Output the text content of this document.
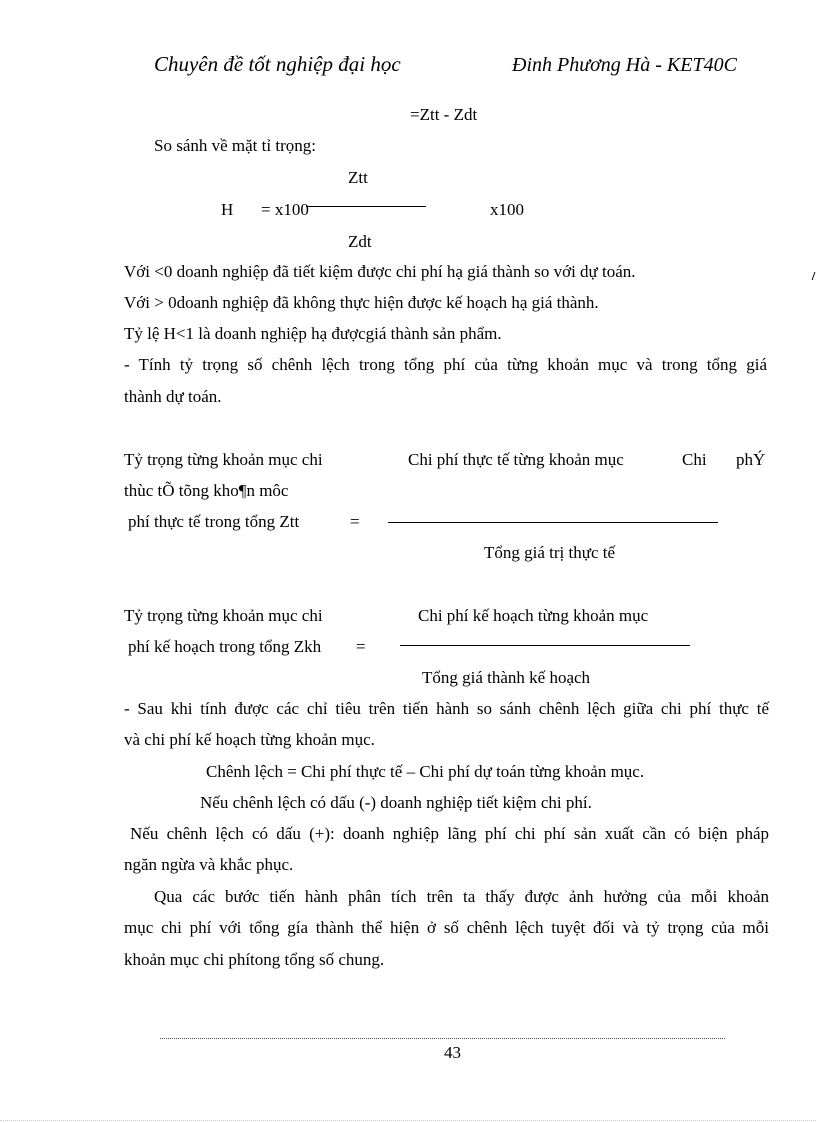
Chuyên đề tốt nghiệp đại học	Đinh Phương Hà - KET40C
=Ztt - Zdt
So sánh về mặt tỉ trọng:
Ztt
H = x100	x100
Zdt
Với <0 doanh nghiệp đã tiết kiệm được chi phí hạ giá thành so với dự toán.
Với > 0doanh nghiệp đã không thực hiện được kế hoạch hạ giá thành.
Tỷ lệ H<1 là doanh nghiệp hạ đượcgiá thành sản phẩm.
- Tính tỷ trọng số chênh lệch trong tổng phí của từng khoản mục và trong tổng giá
thành dự toán.
Tỷ trọng từng khoản mục chi	Chi phí thực tế từng khoản mục	Chi phÝ
thùc tÕ tõng kho¶n môc
phí thực tế trong tổng Ztt	=
Tổng giá trị thực tế
Tỷ trọng từng khoản mục chi	Chi phí kế hoạch từng khoản mục
phí kế hoạch trong tổng Zkh =
Tổng giá thành kế hoạch
- Sau khi tính được các chỉ tiêu trên tiến hành so sánh chênh lệch giữa chi phí thực tế
và chi phí kế hoạch từng khoản mục.
Chênh lệch = Chi phí thực tế – Chi phí dự toán từng khoản mục.
Nếu chênh lệch có dấu (-) doanh nghiệp tiết kiệm chi phí.
Nếu chênh lệch có dấu (+): doanh nghiệp lãng phí chi phí sản xuất cần có biện pháp
ngăn ngừa và khắc phục.
Qua các bước tiến hành phân tích trên ta thấy được ảnh hưởng của mỗi khoản
mục chi phí với tổng gía thành thể hiện ở số chênh lệch tuyệt đối và tỷ trọng của mỗi
khoản mục chi phítong tổng số chung.
43
